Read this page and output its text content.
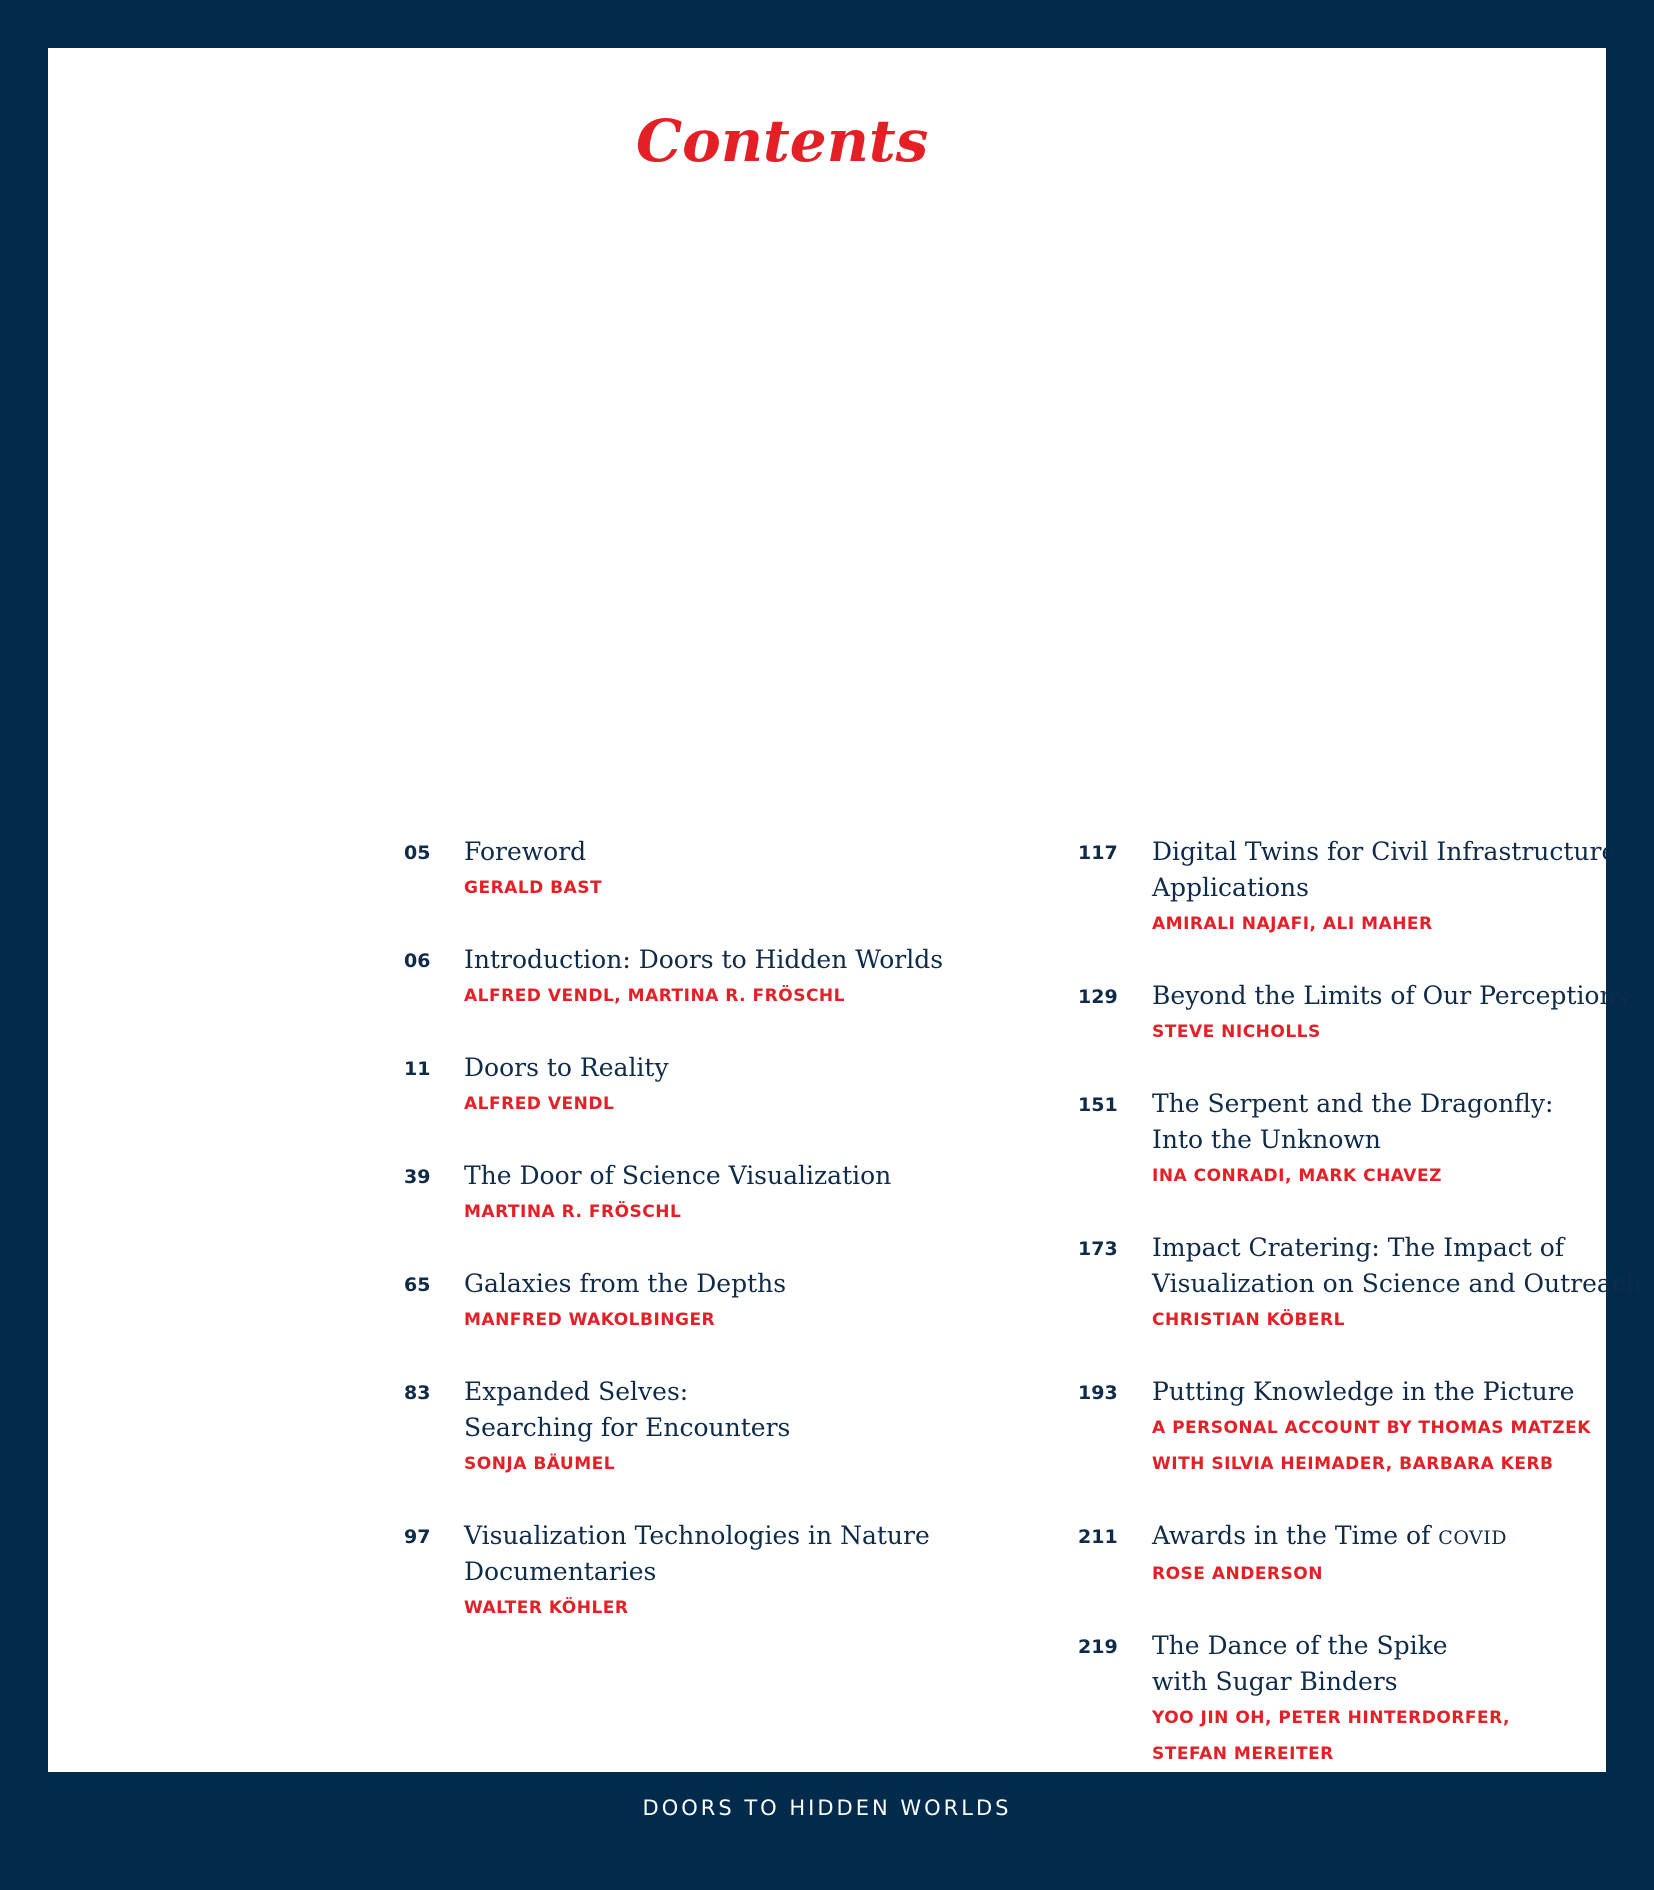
Contents
05 Foreword
GERALD BAST
06 Introduction: Doors to Hidden Worlds
ALFRED VENDL, MARTINA R. FRÖSCHL
11 Doors to Reality
ALFRED VENDL
39 The Door of Science Visualization
MARTINA R. FRÖSCHL
65 Galaxies from the Depths
MANFRED WAKOLBINGER
83 Expanded Selves:
Searching for Encounters
SONJA BÄUMEL
97 Visualization Technologies in Nature
Documentaries
WALTER KÖHLER
117 Digital Twins for Civil Infrastructure
Applications
AMIRALI NAJAFI, ALI MAHER
129 Beyond the Limits of Our Perceptions
STEVE NICHOLLS
151 The Serpent and the Dragonfly:
Into the Unknown
INA CONRADI, MARK CHAVEZ
173 Impact Cratering: The Impact of
Visualization on Science and Outreach
CHRISTIAN KÖBERL
193 Putting Knowledge in the Picture
A PERSONAL ACCOUNT BY THOMAS MATZEK
WITH SILVIA HEIMADER, BARBARA KERB
211 Awards in the Time of COVID
ROSE ANDERSON
219 The Dance of the Spike
with Sugar Binders
YOO JIN OH, PETER HINTERDORFER,
STEFAN MEREITER
DOORS TO HIDDEN WORLDS
